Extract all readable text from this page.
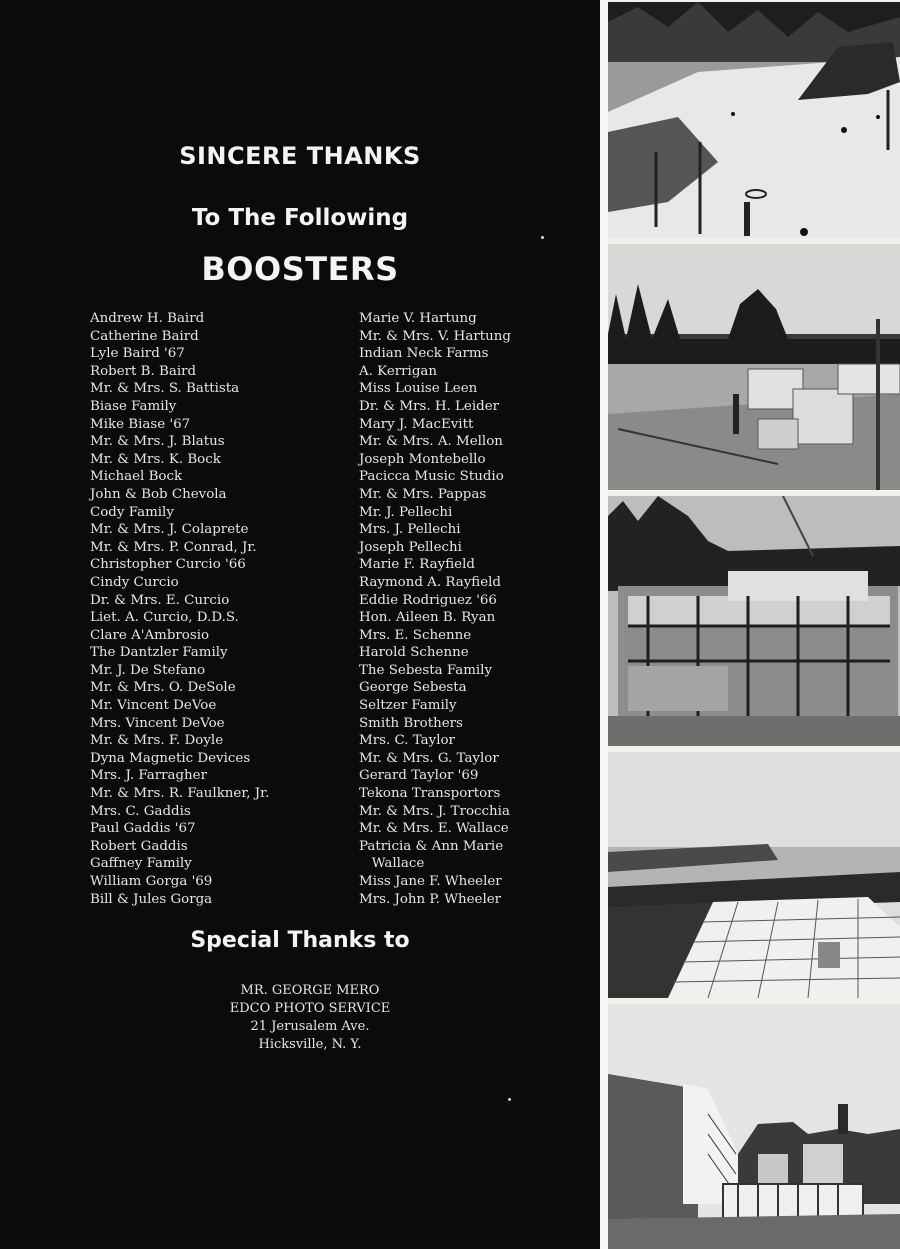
SINCERE THANKS
To The Following
BOOSTERS
Andrew H. Baird
Catherine Baird
Lyle Baird '67
Robert B. Baird
Mr. & Mrs. S. Battista
Biase Family
Mike Biase '67
Mr. & Mrs. J. Blatus
Mr. & Mrs. K. Bock
Michael Bock
John & Bob Chevola
Cody Family
Mr. & Mrs. J. Colaprete
Mr. & Mrs. P. Conrad, Jr.
Christopher Curcio '66
Cindy Curcio
Dr. & Mrs. E. Curcio
Liet. A. Curcio, D.D.S.
Clare A'Ambrosio
The Dantzler Family
Mr. J. De Stefano
Mr. & Mrs. O. DeSole
Mr. Vincent DeVoe
Mrs. Vincent DeVoe
Mr. & Mrs. F. Doyle
Dyna Magnetic Devices
Mrs. J. Farragher
Mr. & Mrs. R. Faulkner, Jr.
Mrs. C. Gaddis
Paul Gaddis '67
Robert Gaddis
Gaffney Family
William Gorga '69
Bill & Jules Gorga
Marie V. Hartung
Mr. & Mrs. V. Hartung
Indian Neck Farms
A. Kerrigan
Miss Louise Leen
Dr. & Mrs. H. Leider
Mary J. MacEvitt
Mr. & Mrs. A. Mellon
Joseph Montebello
Pacicca Music Studio
Mr. & Mrs. Pappas
Mr. J. Pellechi
Mrs. J. Pellechi
Joseph Pellechi
Marie F. Rayfield
Raymond A. Rayfield
Eddie Rodriguez '66
Hon. Aileen B. Ryan
Mrs. E. Schenne
Harold Schenne
The Sebesta Family
George Sebesta
Seltzer Family
Smith Brothers
Mrs. C. Taylor
Mr. & Mrs. G. Taylor
Gerard Taylor '69
Tekona Transportors
Mr. & Mrs. J. Trocchia
Mr. & Mrs. E. Wallace
Patricia & Ann Marie
Wallace
Miss Jane F. Wheeler
Mrs. John P. Wheeler
Special Thanks to
MR. GEORGE MERO
EDCO PHOTO SERVICE
21 Jerusalem Ave.
Hicksville, N. Y.
